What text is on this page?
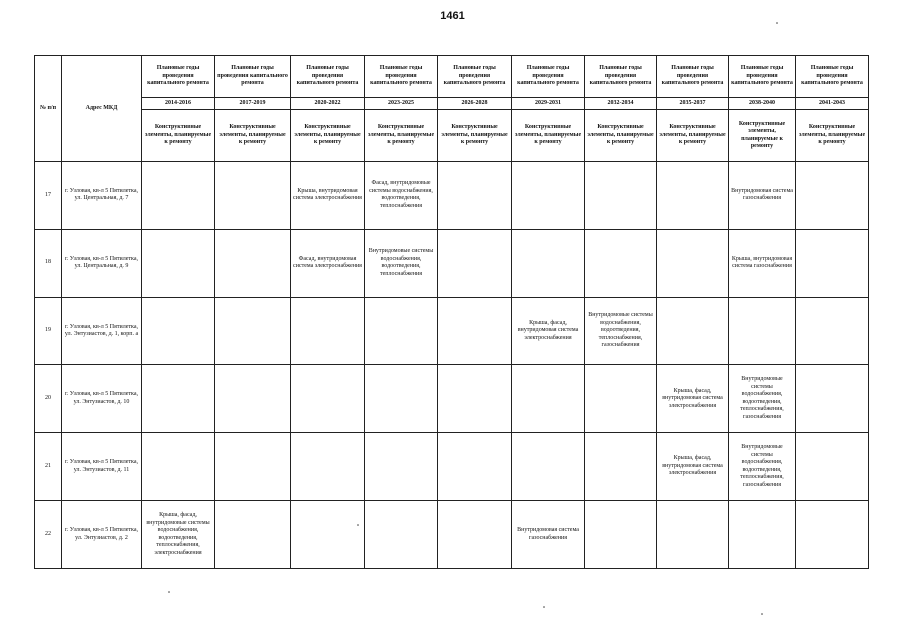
1461
№ п/п	Адрес МКД	Плановые годы проведения капитального ремонта	Плановые годы проведения капитального ремонта	Плановые годы проведения капитального ремонта	Плановые годы проведения капитального ремонта	Плановые годы проведения капитального ремонта	Плановые годы проведения капитального ремонта	Плановые годы проведения капитального ремонта	Плановые годы проведения капитального ремонта	Плановые годы проведения капитального ремонта	Плановые годы проведения капитального ремонта
		2014-2016	2017-2019	2020-2022	2023-2025	2026-2028	2029-2031	2032-2034	2035-2037	2038-2040	2041-2043
		Конструктивные элементы, планируемые к ремонту	Конструктивные элементы, планируемые к ремонту	Конструктивные элементы, планируемые к ремонту	Конструктивные элементы, планируемые к ремонту	Конструктивные элементы, планируемые к ремонту	Конструктивные элементы, планируемые к ремонту	Конструктивные элементы, планируемые к ремонту	Конструктивные элементы, планируемые к ремонту	Конструктивные элементы, планируемые к ремонту	Конструктивные элементы, планируемые к ремонту
17	г. Узловая, кв-л 5 Пятилетка, ул. Центральная, д. 7			Крыша, внутридомовая система электроснабжения	Фасад, внутридомовые системы водоснабжения, водоотведения, теплоснабжения					Внутридомовая система газоснабжения	
18	г. Узловая, кв-л 5 Пятилетка, ул. Центральная, д. 9			Фасад, внутридомовая система электроснабжения	Внутридомовые системы водоснабжения, водоотведения, теплоснабжения					Крыша, внутридомовая система газоснабжения	
19	г. Узловая, кв-л 5 Пятилетка, ул. Энтузиастов, д. 1, корп. а						Крыша, фасад, внутридомовая система электроснабжения	Внутридомовые системы водоснабжения, водоотведения, теплоснабжения, газоснабжения			
20	г. Узловая, кв-л 5 Пятилетка, ул. Энтузиастов, д. 10								Крыша, фасад, внутридомовая система электроснабжения	Внутридомовые системы водоснабжения, водоотведения, теплоснабжения, газоснабжения	
21	г. Узловая, кв-л 5 Пятилетка, ул. Энтузиастов, д. 11								Крыша, фасад, внутридомовая система электроснабжения	Внутридомовые системы водоснабжения, водоотведения, теплоснабжения, газоснабжения	
22	г. Узловая, кв-л 5 Пятилетка, ул. Энтузиастов, д. 2	Крыша, фасад, внутридомовые системы водоснабжения, водоотведения, теплоснабжения, электроснабжения					Внутридомовая система газоснабжения				
